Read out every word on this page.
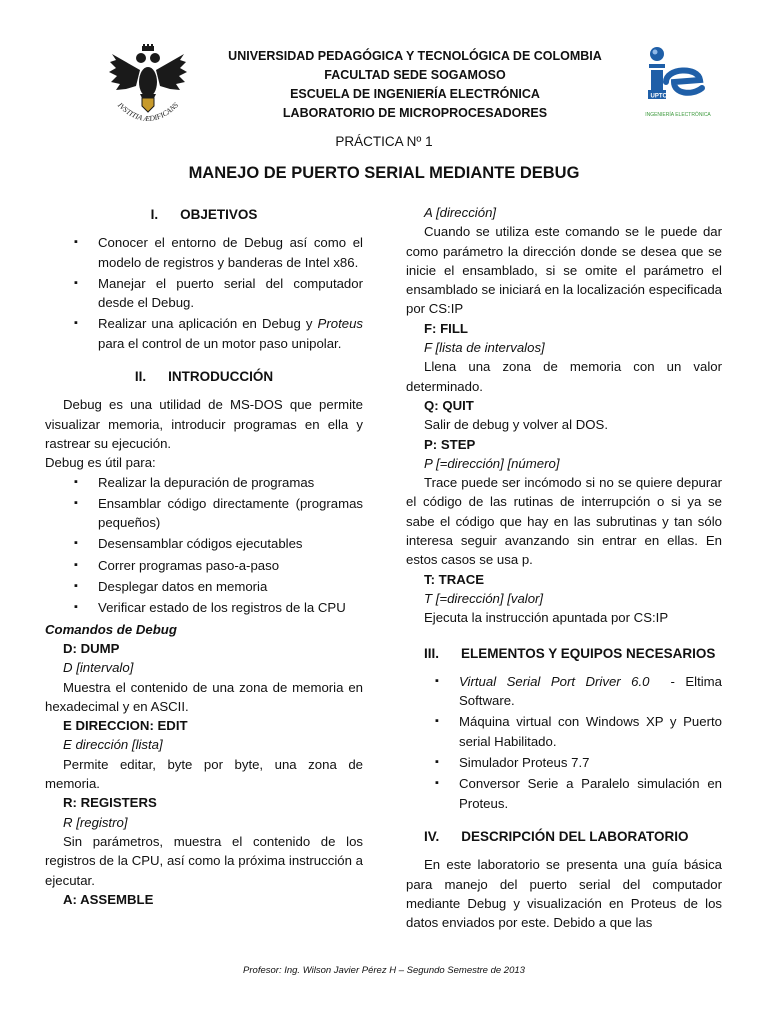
IVSTITIA ÆDIFICANS
UNIVERSIDAD PEDAGÓGICA Y TECNOLÓGICA DE COLOMBIA
FACULTAD SEDE SOGAMOSO
ESCUELA DE INGENIERÍA ELECTRÓNICA
LABORATORIO DE MICROPROCESADORES
UPTC
INGENIERÍA ELECTRÓNICA
PRÁCTICA Nº 1
MANEJO DE PUERTO SERIAL MEDIANTE DEBUG
I. OBJETIVOS
▪ Conocer el entorno de Debug así como el modelo de registros y banderas de Intel x86.
▪ Manejar el puerto serial del computador desde el Debug.
▪ Realizar una aplicación en Debug y Proteus para el control de un motor paso unipolar.
II. INTRODUCCIÓN
Debug es una utilidad de MS-DOS que permite visualizar memoria, introducir programas en ella y rastrear su ejecución.
Debug es útil para:
▪ Realizar la depuración de programas
▪ Ensamblar código directamente (programas pequeños)
▪ Desensamblar códigos ejecutables
▪ Correr programas paso-a-paso
▪ Desplegar datos en memoria
▪ Verificar estado de los registros de la CPU
Comandos de Debug
D: DUMP
D [intervalo]
Muestra el contenido de una zona de memoria en hexadecimal y en ASCII.
E DIRECCION: EDIT
E dirección [lista]
Permite editar, byte por byte, una zona de memoria.
R: REGISTERS
R [registro]
Sin parámetros, muestra el contenido de los registros de la CPU, así como la próxima instrucción a ejecutar.
A: ASSEMBLE
A [dirección]
Cuando se utiliza este comando se le puede dar como parámetro la dirección donde se desea que se inicie el ensamblado, si se omite el parámetro el ensamblado se iniciará en la localización especificada por CS:IP
F: FILL
F [lista de intervalos]
Llena una zona de memoria con un valor determinado.
Q: QUIT
Salir de debug y volver al DOS.
P: STEP
P [=dirección] [número]
Trace puede ser incómodo si no se quiere depurar el código de las rutinas de interrupción o si ya se sabe el código que hay en las subrutinas y tan sólo interesa seguir avanzando sin entrar en ellas. En estos casos se usa p.
T: TRACE
T [=dirección] [valor]
Ejecuta la instrucción apuntada por CS:IP
III. ELEMENTOS Y EQUIPOS NECESARIOS
▪ Virtual Serial Port Driver 6.0  - Eltima Software.
▪ Máquina virtual con Windows XP y Puerto serial Habilitado.
▪ Simulador Proteus 7.7
▪ Conversor Serie a Paralelo simulación en Proteus.
IV. DESCRIPCIÓN DEL LABORATORIO
En este laboratorio se presenta una guía básica para manejo del puerto serial del computador mediante Debug y visualización en Proteus de los datos enviados por este. Debido a que las
Profesor: Ing. Wilson Javier Pérez H – Segundo Semestre de 2013
